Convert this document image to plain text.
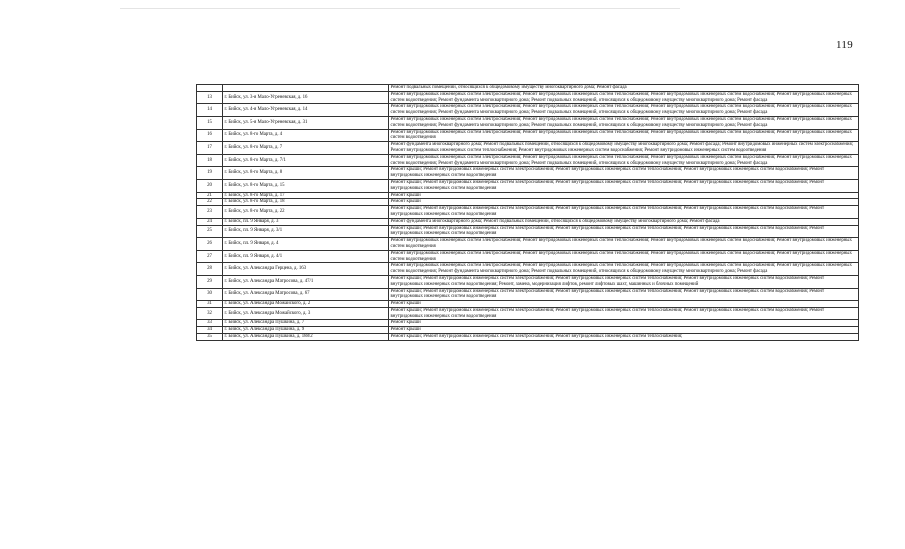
119
		Ремонт подвальных помещений, относящихся к общедомовому имуществу многоквартирного дома; Ремонт фасада
13	г. Бийск, ул. 3-я Мало-Угреневская, д. 16	Ремонт внутридомовых инженерных систем электроснабжения; Ремонт внутридомовых инженерных систем теплоснабжения; Ремонт внутридомовых инженерных систем водоснабжения; Ремонт внутридомовых инженерных систем водоотведения; Ремонт фундамента многоквартирного дома; Ремонт подвальных помещений, относящихся к общедомовому имуществу многоквартирного дома; Ремонт фасада
14	г. Бийск, ул. 4-я Мало-Угреневская, д. 14	Ремонт внутридомовых инженерных систем электроснабжения; Ремонт внутридомовых инженерных систем теплоснабжения; Ремонт внутридомовых инженерных систем водоснабжения; Ремонт внутридомовых инженерных систем водоотведения; Ремонт фундамента многоквартирного дома; Ремонт подвальных помещений, относящихся к общедомовому имуществу многоквартирного дома; Ремонт фасада
15	г. Бийск, ул. 5-я Мало-Угреневская, д. 31	Ремонт внутридомовых инженерных систем электроснабжения; Ремонт внутридомовых инженерных систем теплоснабжения; Ремонт внутридомовых инженерных систем водоснабжения; Ремонт внутридомовых инженерных систем водоотведения; Ремонт фундамента многоквартирного дома; Ремонт подвальных помещений, относящихся к общедомовому имуществу многоквартирного дома; Ремонт фасада
16	г. Бийск, ул. 8-го Марта, д. 4	Ремонт внутридомовых инженерных систем электроснабжения; Ремонт внутридомовых инженерных систем теплоснабжения; Ремонт внутридомовых инженерных систем водоснабжения; Ремонт внутридомовых инженерных систем водоотведения
17	г. Бийск, ул. 8-го Марта, д. 7	Ремонт фундамента многоквартирного дома; Ремонт подвальных помещений, относящихся к общедомовому имуществу многоквартирного дома; Ремонт фасада; Ремонт внутридомовых инженерных систем электроснабжения; Ремонт внутридомовых инженерных систем теплоснабжения; Ремонт внутридомовых инженерных систем водоснабжения; Ремонт внутридомовых инженерных систем водоотведения
18	г. Бийск, ул. 8-го Марта, д. 7/1	Ремонт внутридомовых инженерных систем электроснабжения; Ремонт внутридомовых инженерных систем теплоснабжения; Ремонт внутридомовых инженерных систем водоснабжения; Ремонт внутридомовых инженерных систем водоотведения; Ремонт фундамента многоквартирного дома; Ремонт подвальных помещений, относящихся к общедомовому имуществу многоквартирного дома; Ремонт фасада
19	г. Бийск, ул. 8-го Марта, д. 8	Ремонт крыши; Ремонт внутридомовых инженерных систем электроснабжения; Ремонт внутридомовых инженерных систем теплоснабжения; Ремонт внутридомовых инженерных систем водоснабжения; Ремонт внутридомовых инженерных систем водоотведения
20	г. Бийск, ул. 8-го Марта, д. 15	Ремонт крыши; Ремонт внутридомовых инженерных систем электроснабжения; Ремонт внутридомовых инженерных систем теплоснабжения; Ремонт внутридомовых инженерных систем водоснабжения; Ремонт внутридомовых инженерных систем водоотведения
21	г. Бийск, ул. 8-го Марта, д. 17	Ремонт крыши
22	г. Бийск, ул. 8-го Марта, д. 18	Ремонт крыши
23	г. Бийск, ул. 8-го Марта, д. 22	Ремонт крыши; Ремонт внутридомовых инженерных систем электроснабжения; Ремонт внутридомовых инженерных систем теплоснабжения; Ремонт внутридомовых инженерных систем водоснабжения; Ремонт внутридомовых инженерных систем водоотведения
24	г. Бийск, пл. 9 Января, д. 3	Ремонт фундамента многоквартирного дома; Ремонт подвальных помещений, относящихся к общедомовому имуществу многоквартирного дома; Ремонт фасада
25	г. Бийск, пл. 9 Января, д. 3/1	Ремонт крыши; Ремонт внутридомовых инженерных систем электроснабжения; Ремонт внутридомовых инженерных систем теплоснабжения; Ремонт внутридомовых инженерных систем водоснабжения; Ремонт внутридомовых инженерных систем водоотведения
26	г. Бийск, пл. 9 Января, д. 4	Ремонт внутридомовых инженерных систем электроснабжения; Ремонт внутридомовых инженерных систем теплоснабжения; Ремонт внутридомовых инженерных систем водоснабжения; Ремонт внутридомовых инженерных систем водоотведения
27	г. Бийск, пл. 9 Января, д. 4/1	Ремонт внутридомовых инженерных систем электроснабжения; Ремонт внутридомовых инженерных систем теплоснабжения; Ремонт внутридомовых инженерных систем водоснабжения; Ремонт внутридомовых инженерных систем водоотведения
28	г. Бийск, ул. Александра Герцена, д. 163	Ремонт внутридомовых инженерных систем электроснабжения; Ремонт внутридомовых инженерных систем теплоснабжения; Ремонт внутридомовых инженерных систем водоснабжения; Ремонт внутридомовых инженерных систем водоотведения; Ремонт фундамента многоквартирного дома; Ремонт подвальных помещений, относящихся к общедомовому имуществу многоквартирного дома; Ремонт фасада
29	г. Бийск, ул. Александра Матросова, д. 47/1	Ремонт крыши; Ремонт внутридомовых инженерных систем электроснабжения; Ремонт внутридомовых инженерных систем теплоснабжения; Ремонт внутридомовых инженерных систем водоснабжения; Ремонт внутридомовых инженерных систем водоотведения; Ремонт, замена, модернизация лифтов, ремонт лифтовых шахт, машинных и блочных помещений
30	г. Бийск, ул. Александра Матросова, д. 67	Ремонт крыши; Ремонт внутридомовых инженерных систем электроснабжения; Ремонт внутридомовых инженерных систем теплоснабжения; Ремонт внутридомовых инженерных систем водоснабжения; Ремонт внутридомовых инженерных систем водоотведения
31	г. Бийск, ул. Александра Можайского, д. 2	Ремонт крыши
32	г. Бийск, ул. Александра Можайского, д. 3	Ремонт крыши; Ремонт внутридомовых инженерных систем электроснабжения; Ремонт внутридомовых инженерных систем теплоснабжения; Ремонт внутридомовых инженерных систем водоснабжения; Ремонт внутридомовых инженерных систем водоотведения
33	г. Бийск, ул. Александра Пушкина, д. 7	Ремонт крыши
34	г. Бийск, ул. Александра Пушкина, д. 9	Ремонт крыши
35	г. Бийск, ул. Александра Пушкина, д. 188/2	Ремонт крыши; Ремонт внутридомовых инженерных систем электроснабжения; Ремонт внутридомовых инженерных систем теплоснабжения;
